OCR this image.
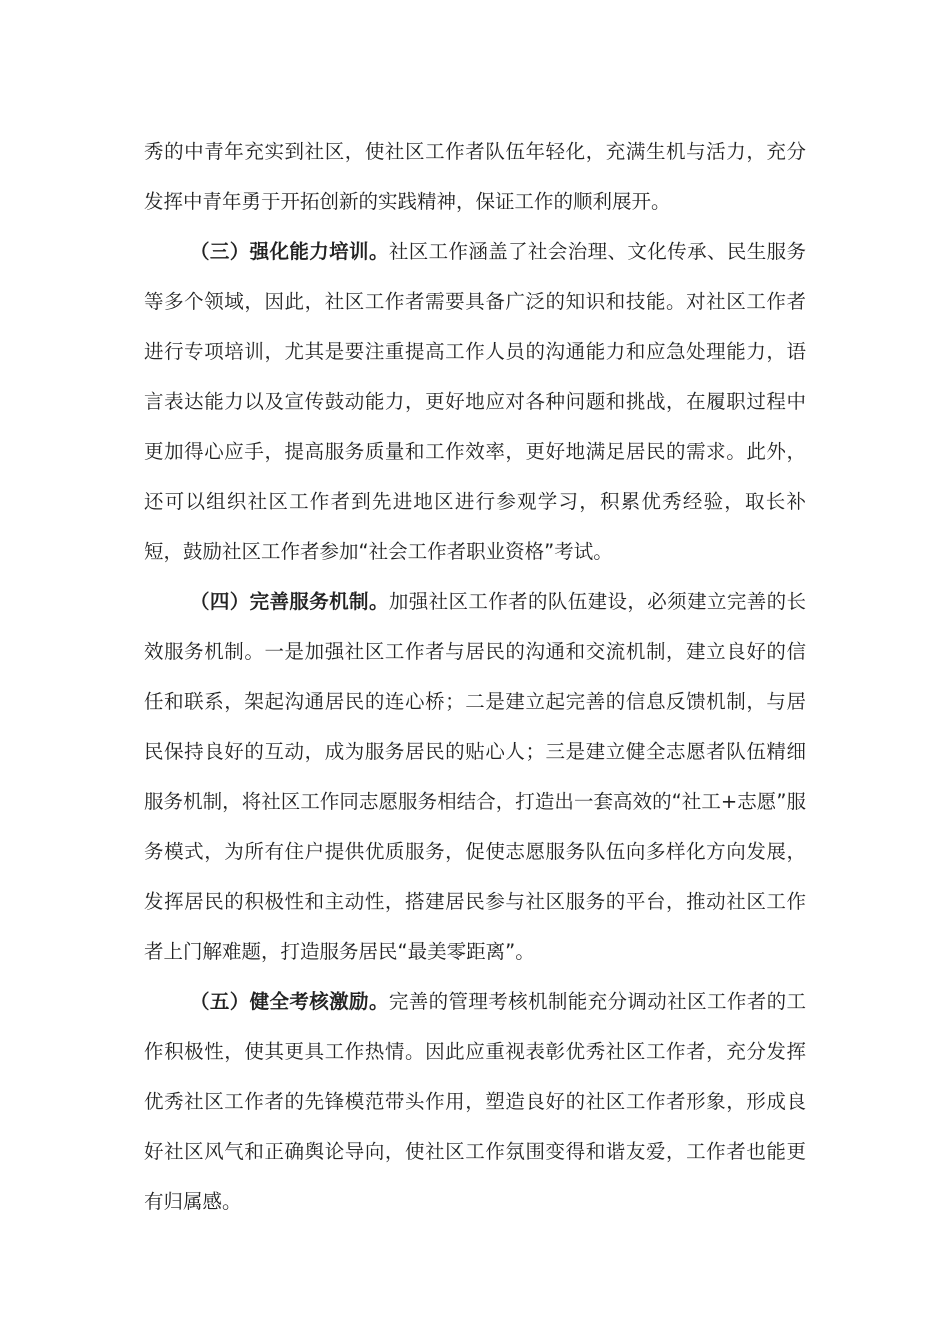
秀的中青年充实到社区，使社区工作者队伍年轻化，充满生机与活力，充分发挥中青年勇于开拓创新的实践精神，保证工作的顺利展开。

（三）强化能力培训。社区工作涵盖了社会治理、文化传承、民生服务等多个领域，因此，社区工作者需要具备广泛的知识和技能。对社区工作者进行专项培训，尤其是要注重提高工作人员的沟通能力和应急处理能力，语言表达能力以及宣传鼓动能力，更好地应对各种问题和挑战，在履职过程中更加得心应手，提高服务质量和工作效率，更好地满足居民的需求。此外，还可以组织社区工作者到先进地区进行参观学习，积累优秀经验，取长补短，鼓励社区工作者参加“社会工作者职业资格”考试。

（四）完善服务机制。加强社区工作者的队伍建设，必须建立完善的长效服务机制。一是加强社区工作者与居民的沟通和交流机制，建立良好的信任和联系，架起沟通居民的连心桥；二是建立起完善的信息反馈机制，与居民保持良好的互动，成为服务居民的贴心人；三是建立健全志愿者队伍精细服务机制，将社区工作同志愿服务相结合，打造出一套高效的“社工+志愿”服务模式，为所有住户提供优质服务，促使志愿服务队伍向多样化方向发展，发挥居民的积极性和主动性，搭建居民参与社区服务的平台，推动社区工作者上门解难题，打造服务居民“最美零距离”。

（五）健全考核激励。完善的管理考核机制能充分调动社区工作者的工作积极性，使其更具工作热情。因此应重视表彰优秀社区工作者，充分发挥优秀社区工作者的先锋模范带头作用，塑造良好的社区工作者形象，形成良好社区风气和正确舆论导向，使社区工作氛围变得和谐友爱，工作者也能更有归属感。
